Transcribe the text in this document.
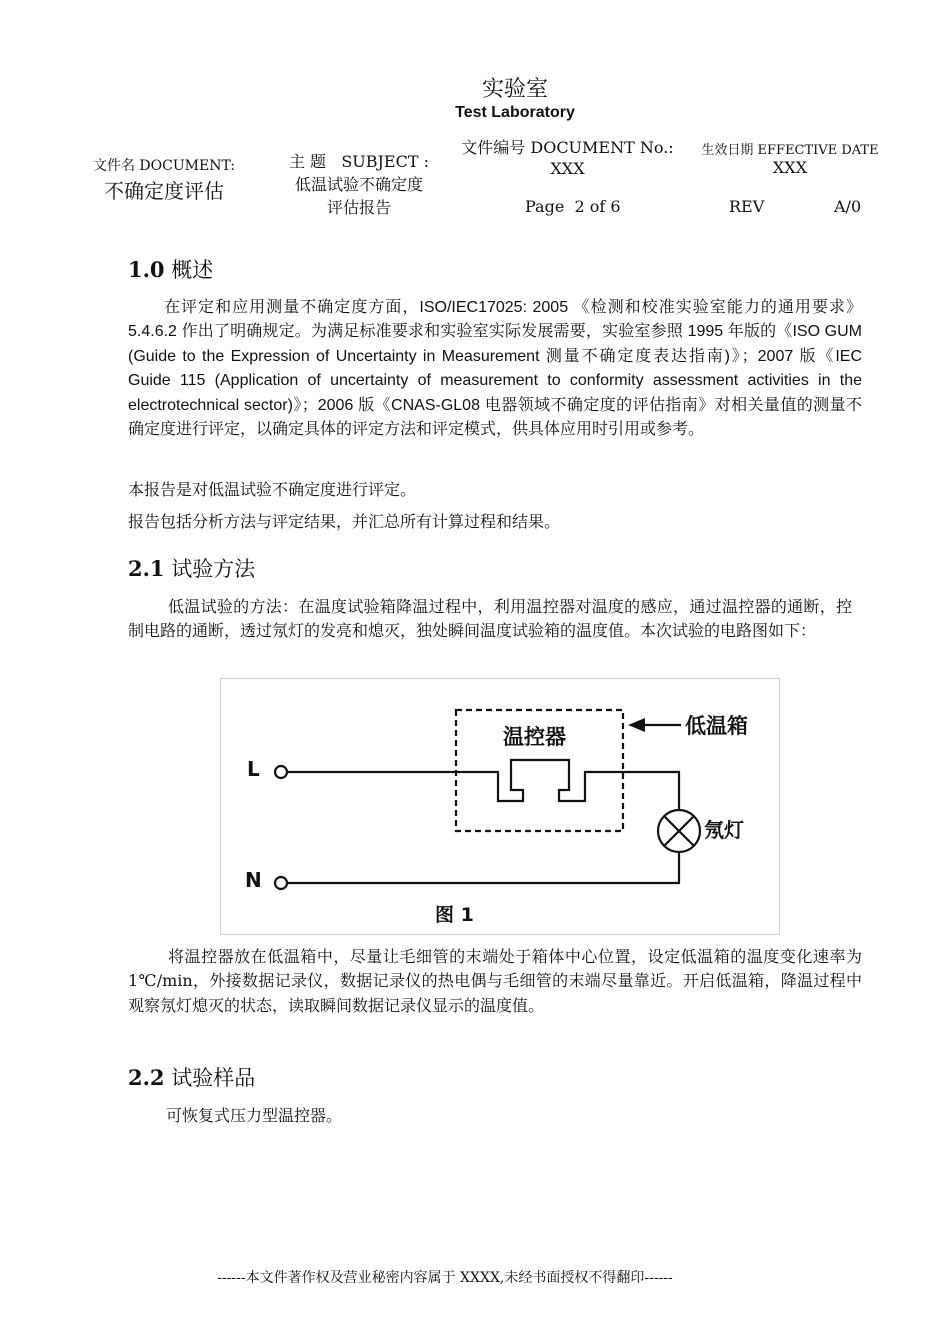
实验室
Test Laboratory
文件名 DOCUMENT:
不确定度评估
主 题   SUBJECT :
低温试验不确定度
评估报告
文件编号 DOCUMENT No.:
XXX
生效日期 EFFECTIVE DATE
XXX
Page  2 of 6	REV	A/0
1.0 概述

在评定和应用测量不确定度方面，ISO/IEC17025: 2005 《检测和校准实验室能力的通用要求》5.4.6.2 作出了明确规定。为满足标准要求和实验室实际发展需要，实验室参照 1995 年版的《ISO GUM (Guide to the Expression of Uncertainty in Measurement 测量不确定度表达指南)》；2007 版《IEC Guide 115 (Application of uncertainty of measurement to conformity assessment activities in the electrotechnical sector)》；2006 版《CNAS-GL08 电器领域不确定度的评估指南》对相关量值的测量不确定度进行评定，以确定具体的评定方法和评定模式，供具体应用时引用或参考。

本报告是对低温试验不确定度进行评定。

报告包括分析方法与评定结果，并汇总所有计算过程和结果。

2.1 试验方法

低温试验的方法：在温度试验箱降温过程中，利用温控器对温度的感应，通过温控器的通断，控制电路的通断，透过氖灯的发亮和熄灭，独处瞬间温度试验箱的温度值。本次试验的电路图如下：

L
N
温控器	低温箱
氖灯
图 1

将温控器放在低温箱中，尽量让毛细管的末端处于箱体中心位置，设定低温箱的温度变化速率为1℃/min，外接数据记录仪，数据记录仪的热电偶与毛细管的末端尽量靠近。开启低温箱，降温过程中观察氖灯熄灭的状态，读取瞬间数据记录仪显示的温度值。

2.2 试验样品

可恢复式压力型温控器。

------本文件著作权及营业秘密内容属于 XXXX,未经书面授权不得翻印------
